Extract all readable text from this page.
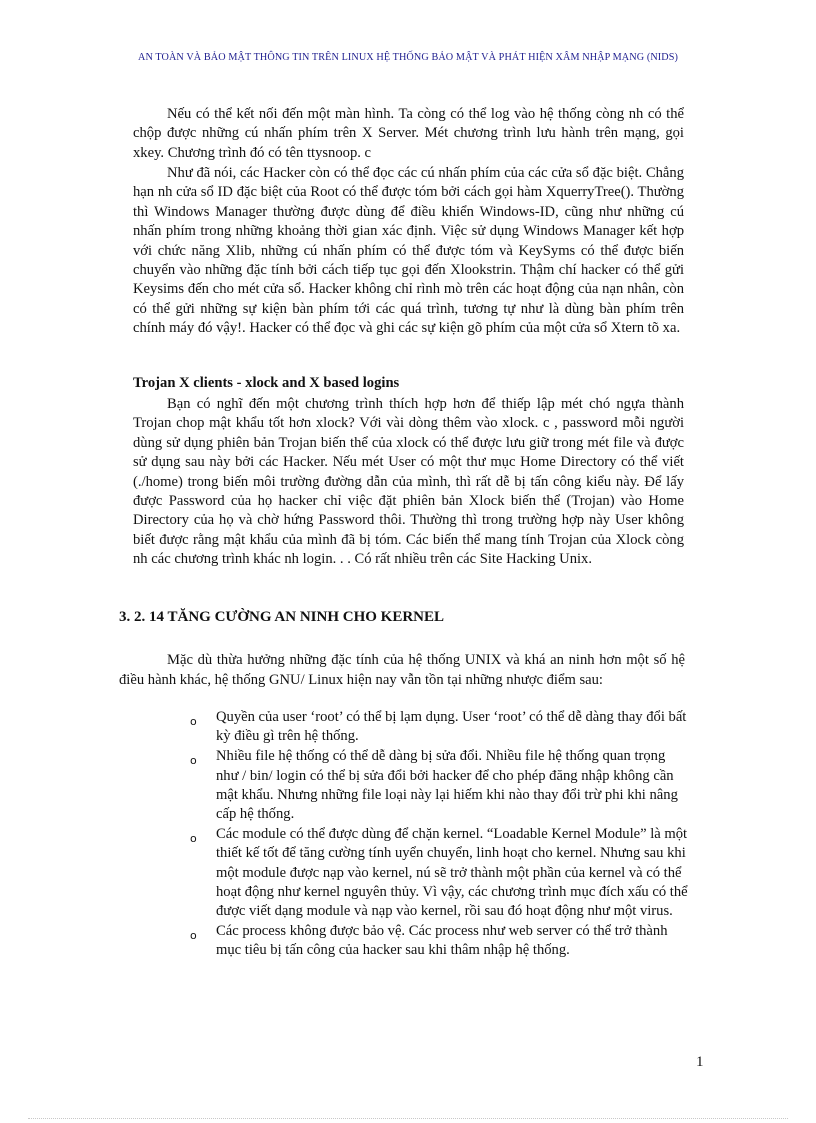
AN TOÀN VÀ BẢO MẬT THÔNG TIN TRÊN LINUX HỆ THỐNG BẢO MẬT VÀ PHÁT HIỆN XÂM NHẬP MẠNG (NIDS)

Nếu có thể kết nối đến một màn hình. Ta còng có thể log vào hệ thống còng nh có thể chộp được những cú nhấn phím trên X Server. Mét chương trình lưu hành trên mạng, gọi xkey. Chương trình đó có tên ttysnoop. c

Như đã nói, các Hacker còn có thể đọc các cú nhấn phím của các cửa sổ đặc biệt. Chẳng hạn nh cửa sổ ID đặc biệt của Root có thể được tóm bởi cách gọi hàm XquerryTree(). Thường thì Windows Manager thường được dùng để điều khiển Windows-ID, cũng như những cú nhấn phím trong những khoảng thời gian xác định. Việc sử dụng Windows Manager kết hợp với chức năng Xlib, những cú nhấn phím có thể được tóm và KeySyms có thể được biến chuyển vào những đặc tính bởi cách tiếp tục gọi đến Xlookstrin. Thậm chí hacker có thể gửi Keysims đến cho mét cửa sổ. Hacker không chỉ rình mò trên các hoạt động của nạn nhân, còn có thể gửi những sự kiện bàn phím tới các quá trình, tương tự như là dùng bàn phím trên chính máy đó vậy!. Hacker có thể đọc và ghi các sự kiện gõ phím của một cửa sổ Xtern tõ xa.

Trojan X clients - xlock and X based logins

Bạn có nghĩ đến một chương trình thích hợp hơn để thiếp lập mét chó ngựa thành Trojan chop mật khẩu tốt hơn xlock? Với vài dòng thêm vào xlock. c , password mỗi người dùng sử dụng phiên bản Trojan biến thể của xlock có thể được lưu giữ trong mét file và được sử dụng sau này bởi các Hacker. Nếu mét User có một thư mục Home Directory có thể viết (./home) trong biến môi trường đường dẫn của mình, thì rất dễ bị tấn công kiểu này. Để lấy được Password của họ hacker chỉ việc đặt phiên bản Xlock biến thể (Trojan) vào Home Directory của họ và chờ hứng Password thôi. Thường thì trong trường hợp này User không biết được rằng mật khẩu của mình đã bị tóm. Các biến thể mang tính Trojan của Xlock còng nh các chương trình khác nh login. . . Có rất nhiều trên các Site Hacking Unix.

3. 2. 14 TĂNG CƯỜNG AN NINH CHO KERNEL

Mặc dù thừa hưởng những đặc tính của hệ thống UNIX và khá an ninh hơn một số hệ điều hành khác, hệ thống GNU/ Linux hiện nay vẫn tồn tại những nhược điểm sau:

o Quyền của user ‘root’ có thể bị lạm dụng. User ‘root’ có thể dễ dàng thay đổi bất kỳ điều gì trên hệ thống.
o Nhiều file hệ thống có thể dễ dàng bị sửa đổi. Nhiều file hệ thống quan trọng như / bin/ login có thể bị sửa đổi bởi hacker để cho phép đăng nhập không cần mật khẩu. Nhưng những file loại này lại hiếm khi nào thay đổi trừ phi khi nâng cấp hệ thống.
o Các module có thể được dùng để chặn kernel. “Loadable Kernel Module” là một thiết kế tốt để tăng cường tính uyển chuyển, linh hoạt cho kernel. Nhưng sau khi một module được nạp vào kernel, nú sẽ trở thành một phần của kernel và có thể hoạt động như kernel nguyên thủy. Vì vậy, các chương trình mục đích xấu có thể được viết dạng module và nạp vào kernel, rồi sau đó hoạt động như một virus.
o Các process không được bảo vệ. Các process như web server có thể trở thành mục tiêu bị tấn công của hacker sau khi thâm nhập hệ thống.
1
